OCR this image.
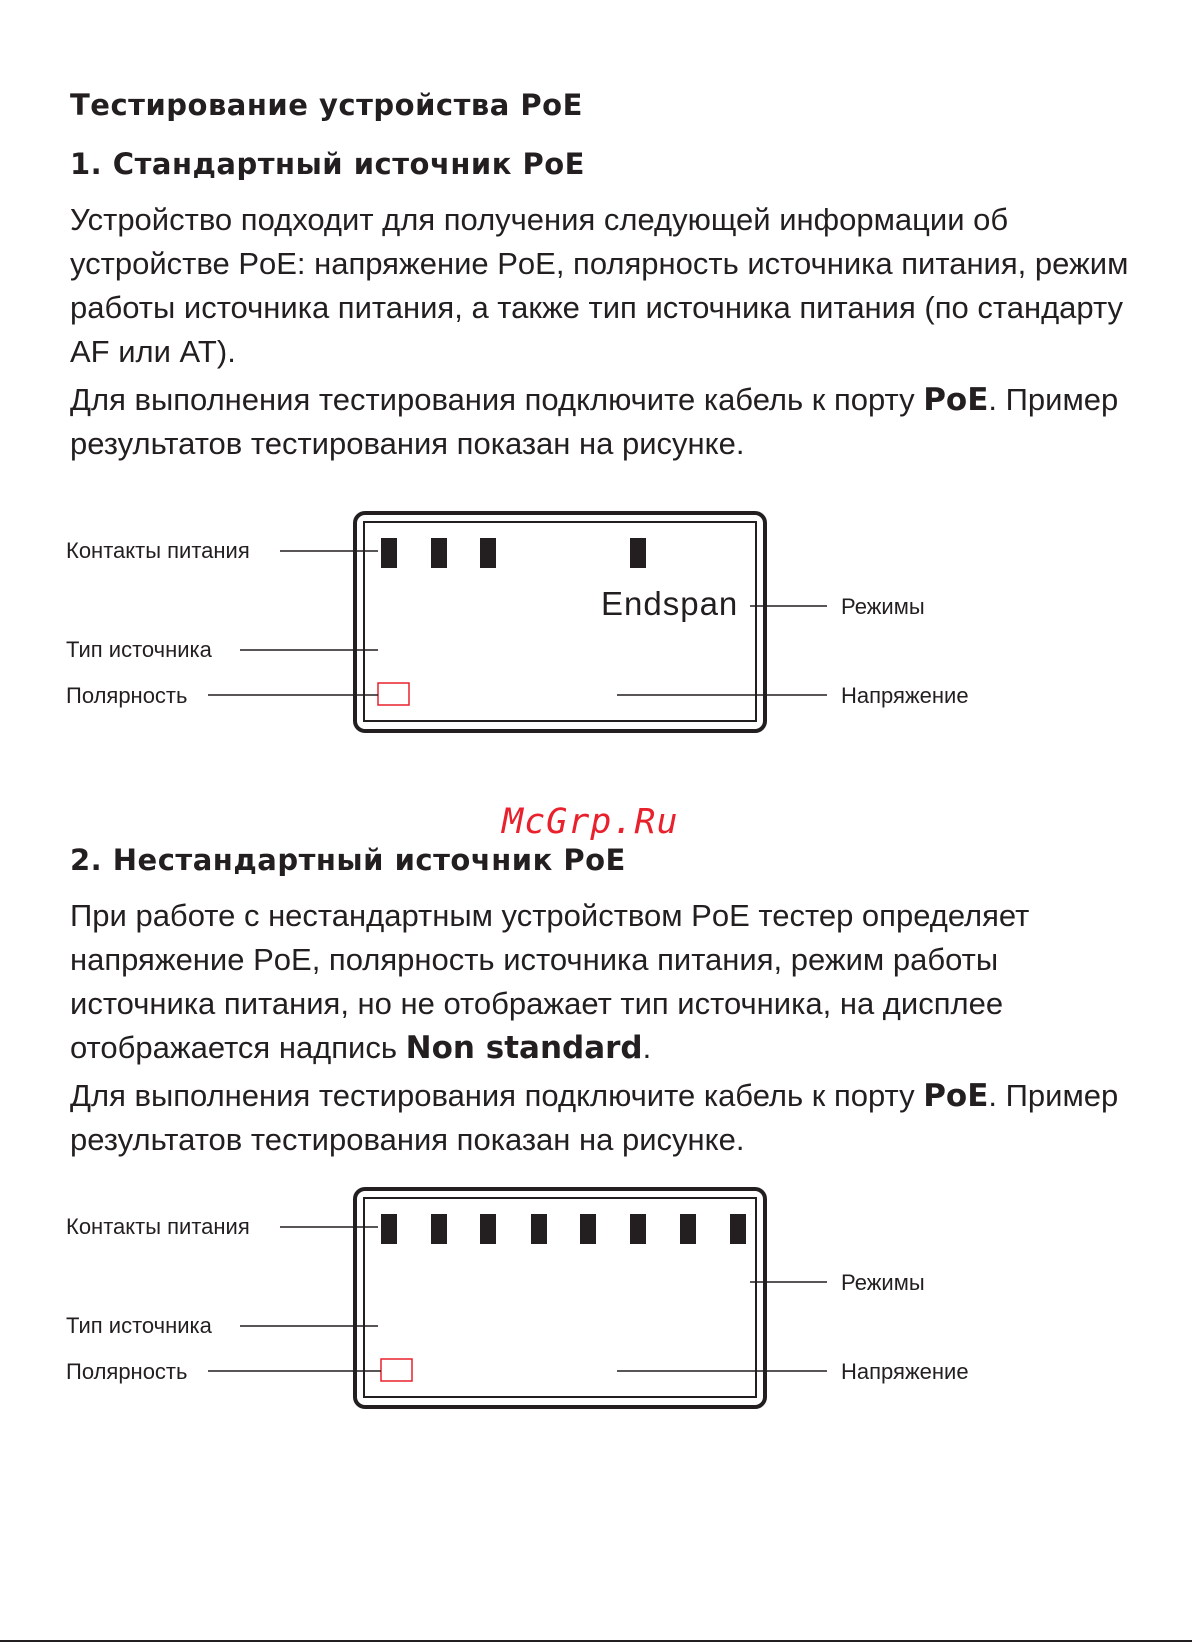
Тестирование устройства PoE
1. Стандартный источник PoE

Устройство подходит для получения следующей информации об устройстве PoE: напряжение PoE, полярность источника питания, режим работы источника питания, а также тип источника питания (по стандарту AF или AT).

Для выполнения тестирования подключите кабель к порту PoE. Пример результатов тестирования показан на рисунке.

Endspan
Контакты питания
Тип источника
Полярность
Режимы
Напряжение
McGrp.Ru
2. Нестандартный источник PoE

При работе с нестандартным устройством PoE тестер определяет напряжение PoE, полярность источника питания, режим работы источника питания, но не отображает тип источника, на дисплее отображается надпись Non standard.

Для выполнения тестирования подключите кабель к порту PoE. Пример результатов тестирования показан на рисунке.

Контакты питания
Тип источника
Полярность
Режимы
Напряжение
